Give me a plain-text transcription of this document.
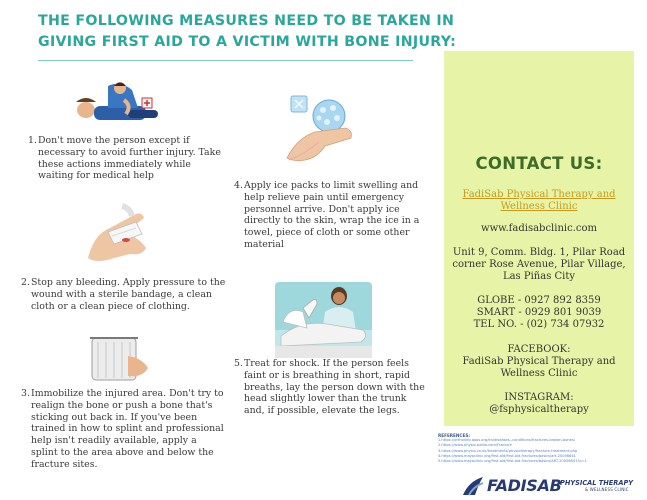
THE FOLLOWING MEASURES NEED TO BE TAKEN IN
GIVING FIRST AID TO A VICTIM WITH BONE INJURY:
1. Don't move the person except if necessary to avoid further injury. Take these actions immediately while waiting for medical help
2. Stop any bleeding. Apply pressure to the wound with a sterile bandage, a clean cloth or a clean piece of clothing.
3. Immobilize the injured area. Don't try to realign the bone or push a bone that's sticking out back in. If you've been trained in how to splint and professional help isn't readily available, apply a splint to the area above and below the fracture sites.
4. Apply ice packs to limit swelling and help relieve pain until emergency personnel arrive. Don't apply ice directly to the skin, wrap the ice in a towel, piece of cloth or some other material
5. Treat for shock. If the person feels faint or is breathing in short, rapid breaths, lay the person down with the head slightly lower than the trunk and, if possible, elevate the legs.
CONTACT US:
FadiSab Physical Therapy and
Wellness Clinic
www.fadisabclinic.com
Unit 9, Comm. Bldg. 1, Pilar Road
corner Rose Avenue, Pilar Village,
Las Piñas City
GLOBE - 0927 892 8359
SMART - 0929 801 9039
TEL NO. - (02) 734 07932
FACEBOOK:
FadiSab Physical Therapy and
Wellness Clinic
INSTAGRAM:
@fsphysicaltherapy
REFERENCES:
1.https://orthoinfo.aaos.org/en/diseases--conditions/fractures-broken-bones/
2.https://www.physio-pedia.com/Fracture
3.https://www.physio.co.uk/treatments/physiotherapy/fracture-treatment.php
4.https://www.mayoclinic.org/first-aid/first-aid-fractures/basics/art-20056641
5.https://www.mayoclinic.org/first-aid/first-aid-fractures/basics/ART-20056641?p=1
FADISAB
PHYSICAL THERAPY
& WELLNESS CLINIC
